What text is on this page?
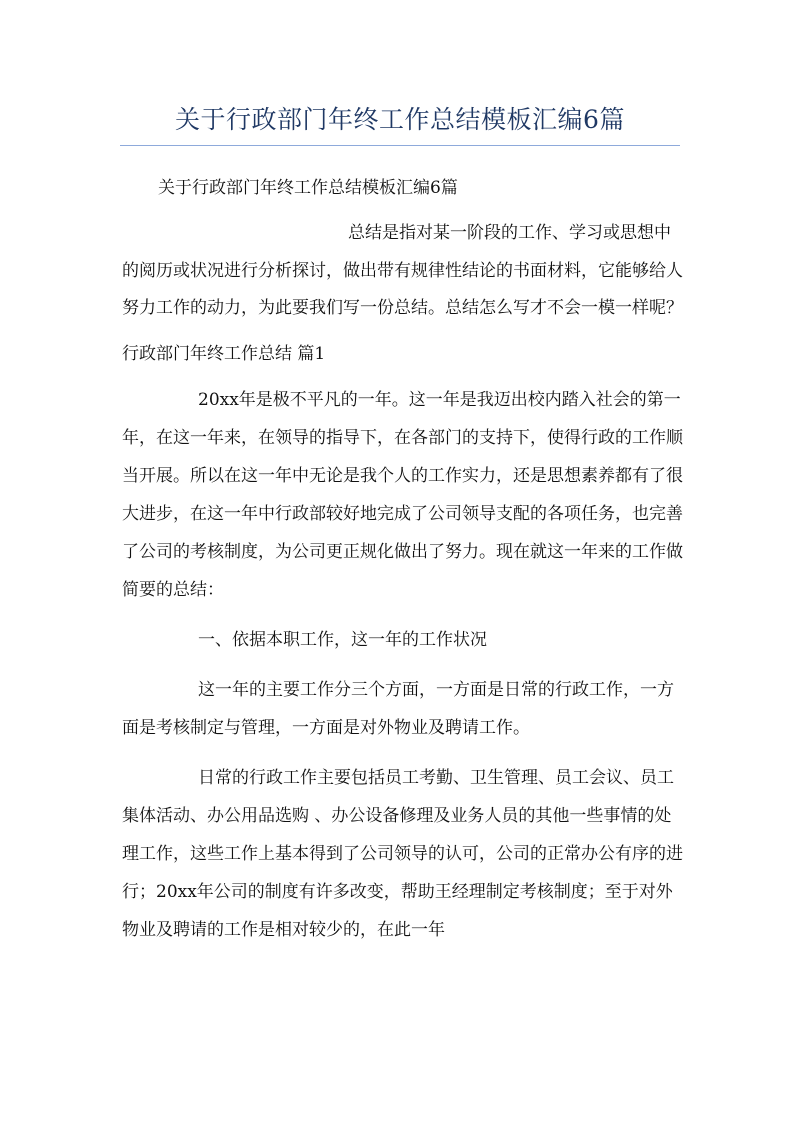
关于行政部门年终工作总结模板汇编6篇

关于行政部门年终工作总结模板汇编6篇

总结是指对某一阶段的工作、学习或思想中的阅历或状况进行分析探讨，做出带有规律性结论的书面材料，它能够给人努力工作的动力，为此要我们写一份总结。总结怎么写才不会一模一样呢？

行政部门年终工作总结 篇1

20xx年是极不平凡的一年。这一年是我迈出校内踏入社会的第一年，在这一年来，在领导的指导下，在各部门的支持下，使得行政的工作顺当开展。所以在这一年中无论是我个人的工作实力，还是思想素养都有了很大进步，在这一年中行政部较好地完成了公司领导支配的各项任务，也完善了公司的考核制度，为公司更正规化做出了努力。现在就这一年来的工作做简要的总结：

一、依据本职工作，这一年的工作状况

这一年的主要工作分三个方面，一方面是日常的行政工作，一方面是考核制定与管理，一方面是对外物业及聘请工作。

日常的行政工作主要包括员工考勤、卫生管理、员工会议、员工集体活动、办公用品选购 、办公设备修理及业务人员的其他一些事情的处理工作，这些工作上基本得到了公司领导的认可，公司的正常办公有序的进行；20xx年公司的制度有许多改变，帮助王经理制定考核制度；至于对外物业及聘请的工作是相对较少的，在此一年
